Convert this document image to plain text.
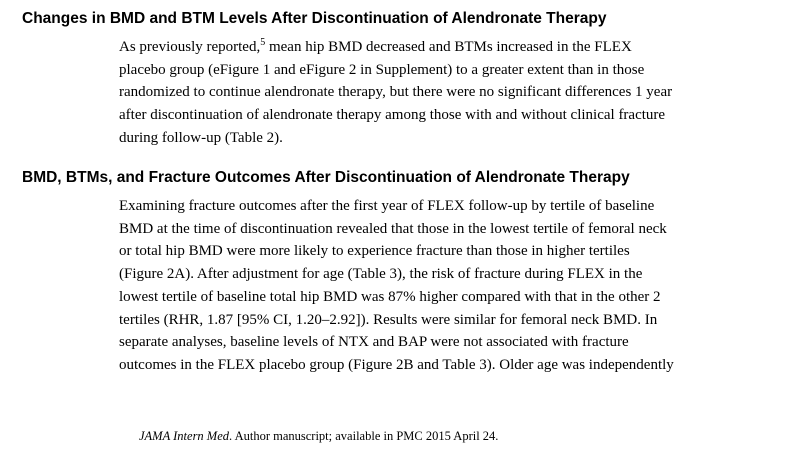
Changes in BMD and BTM Levels After Discontinuation of Alendronate Therapy
As previously reported,$^5$ mean hip BMD decreased and BTMs increased in the FLEX
placebo group (eFigure 1 and eFigure 2 in Supplement) to a greater extent than in those
randomized to continue alendronate therapy, but there were no significant differences 1 year
after discontinuation of alendronate therapy among those with and without clinical fracture
during follow-up (Table 2).
BMD, BTMs, and Fracture Outcomes After Discontinuation of Alendronate Therapy
Examining fracture outcomes after the first year of FLEX follow-up by tertile of baseline
BMD at the time of discontinuation revealed that those in the lowest tertile of femoral neck
or total hip BMD were more likely to experience fracture than those in higher tertiles
(Figure 2A). After adjustment for age (Table 3), the risk of fracture during FLEX in the
lowest tertile of baseline total hip BMD was 87% higher compared with that in the other 2
tertiles (RHR, 1.87 [95% CI, 1.20–2.92]). Results were similar for femoral neck BMD. In
separate analyses, baseline levels of NTX and BAP were not associated with fracture
outcomes in the FLEX placebo group (Figure 2B and Table 3). Older age was independently

JAMA Intern Med. Author manuscript; available in PMC 2015 April 24.
